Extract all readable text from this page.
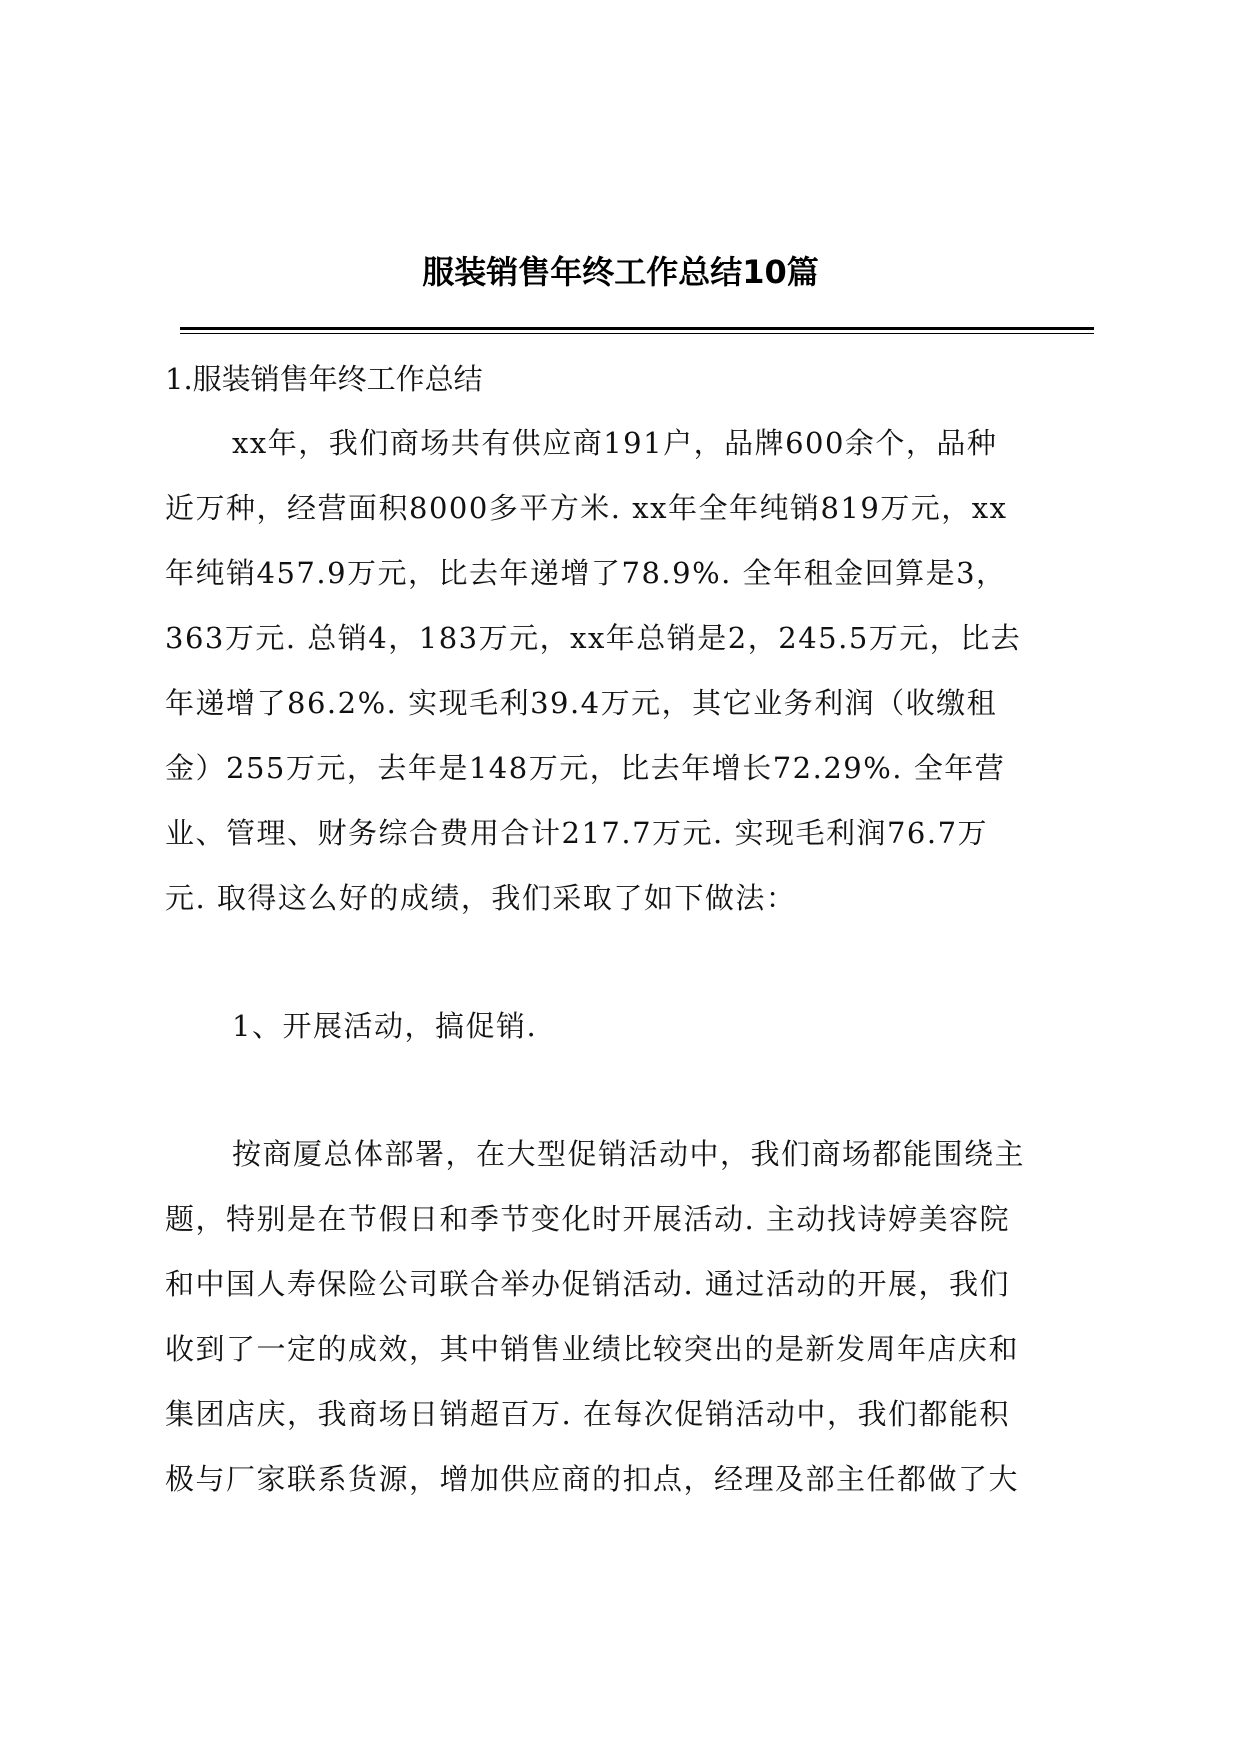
服装销售年终工作总结10篇
1.服装销售年终工作总结
xx年，我们商场共有供应商191户，品牌600余个，品种
近万种，经营面积8000多平方米. xx年全年纯销819万元，xx
年纯销457.9万元，比去年递增了78.9%. 全年租金回算是3，
363万元. 总销4，183万元，xx年总销是2，245.5万元，比去
年递增了86.2%. 实现毛利39.4万元，其它业务利润（收缴租
金）255万元，去年是148万元，比去年增长72.29%. 全年营
业、管理、财务综合费用合计217.7万元. 实现毛利润76.7万
元. 取得这么好的成绩，我们采取了如下做法：
1、开展活动，搞促销.
按商厦总体部署，在大型促销活动中，我们商场都能围绕主
题，特别是在节假日和季节变化时开展活动. 主动找诗婷美容院
和中国人寿保险公司联合举办促销活动. 通过活动的开展，我们
收到了一定的成效，其中销售业绩比较突出的是新发周年店庆和
集团店庆，我商场日销超百万. 在每次促销活动中，我们都能积
极与厂家联系货源，增加供应商的扣点，经理及部主任都做了大
